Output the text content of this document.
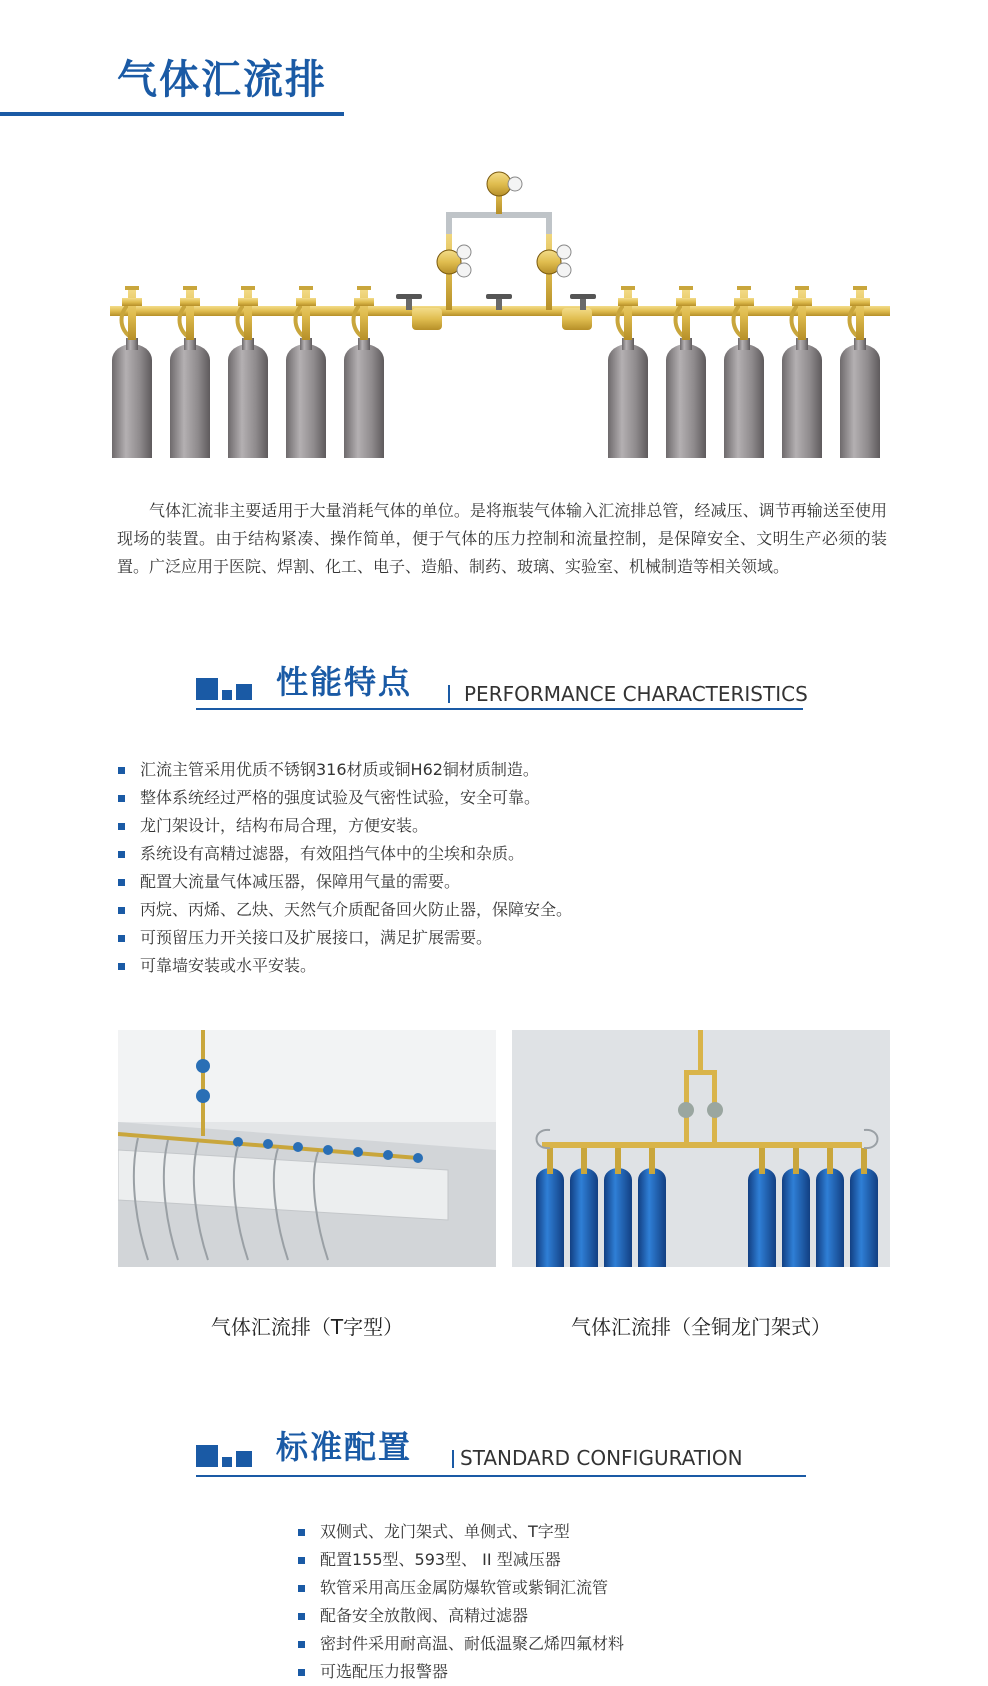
气体汇流排

气体汇流非主要适用于大量消耗气体的单位。是将瓶装气体输入汇流排总管，经减压、调节再输送至使用现场的装置。由于结构紧凑、操作简单，便于气体的压力控制和流量控制，是保障安全、文明生产必须的装置。广泛应用于医院、焊割、化工、电子、造船、制药、玻璃、实验室、机械制造等相关领域。

性能特点	PERFORMANCE CHARACTERISTICS
汇流主管采用优质不锈钢316材质或铜H62铜材质制造。
整体系统经过严格的强度试验及气密性试验，安全可靠。
龙门架设计，结构布局合理，方便安装。
系统设有高精过滤器，有效阻挡气体中的尘埃和杂质。
配置大流量气体减压器，保障用气量的需要。
丙烷、丙烯、乙炔、天然气介质配备回火防止器，保障安全。
可预留压力开关接口及扩展接口，满足扩展需要。
可靠墙安装或水平安装。
气体汇流排（T字型）	气体汇流排（全铜龙门架式）
标准配置 STANDARD CONFIGURATION
双侧式、龙门架式、单侧式、T字型
配置155型、593型、 II 型减压器
软管采用高压金属防爆软管或紫铜汇流管
配备安全放散阀、高精过滤器
密封件采用耐高温、耐低温聚乙烯四氟材料
可选配压力报警器
